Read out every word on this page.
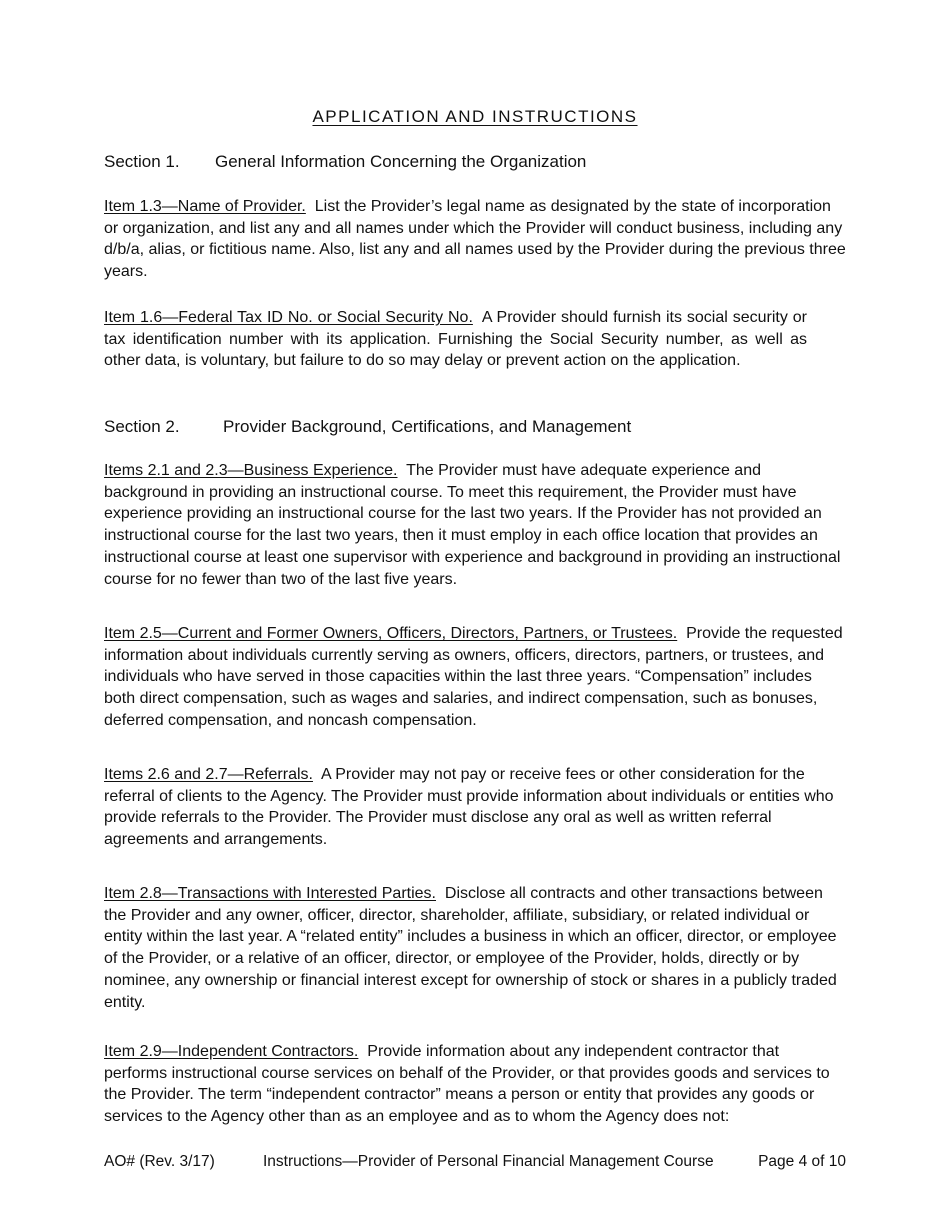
APPLICATION AND INSTRUCTIONS
Section 1. General Information Concerning the Organization
Item 1.3—Name of Provider. List the Provider’s legal name as designated by the state of incorporation or organization, and list any and all names under which the Provider will conduct business, including any d/b/a, alias, or fictitious name. Also, list any and all names used by the Provider during the previous three years.
Item 1.6—Federal Tax ID No. or Social Security No. A Provider should furnish its social security or tax identification number with its application. Furnishing the Social Security number, as well as other data, is voluntary, but failure to do so may delay or prevent action on the application.
Section 2.	Provider Background, Certifications, and Management
Items 2.1 and 2.3—Business Experience. The Provider must have adequate experience and background in providing an instructional course. To meet this requirement, the Provider must have experience providing an instructional course for the last two years. If the Provider has not provided an instructional course for the last two years, then it must employ in each office location that provides an instructional course at least one supervisor with experience and background in providing an instructional course for no fewer than two of the last five years.
Item 2.5—Current and Former Owners, Officers, Directors, Partners, or Trustees. Provide the requested information about individuals currently serving as owners, officers, directors, partners, or trustees, and individuals who have served in those capacities within the last three years. “Compensation” includes both direct compensation, such as wages and salaries, and indirect compensation, such as bonuses, deferred compensation, and noncash compensation.
Items 2.6 and 2.7—Referrals. A Provider may not pay or receive fees or other consideration for the referral of clients to the Agency. The Provider must provide information about individuals or entities who provide referrals to the Provider. The Provider must disclose any oral as well as written referral agreements and arrangements.
Item 2.8—Transactions with Interested Parties. Disclose all contracts and other transactions between the Provider and any owner, officer, director, shareholder, affiliate, subsidiary, or related individual or entity within the last year. A “related entity” includes a business in which an officer, director, or employee of the Provider, or a relative of an officer, director, or employee of the Provider, holds, directly or by nominee, any ownership or financial interest except for ownership of stock or shares in a publicly traded entity.
Item 2.9—Independent Contractors. Provide information about any independent contractor that performs instructional course services on behalf of the Provider, or that provides goods and services to the Provider. The term “independent contractor” means a person or entity that provides any goods or services to the Agency other than as an employee and as to whom the Agency does not:
AO# (Rev. 3/17)	Instructions—Provider of Personal Financial Management Course	Page 4 of 10
